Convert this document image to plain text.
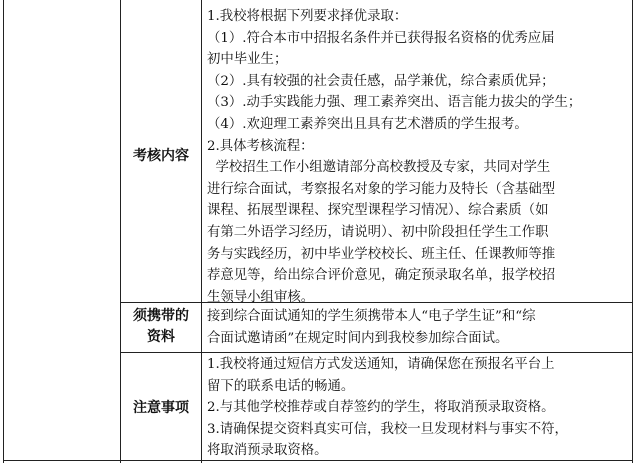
考核内容
1.我校将根据下列要求择优录取：
（1）.符合本市中招报名条件并已获得报名资格的优秀应届
初中毕业生；
（2）.具有较强的社会责任感，品学兼优，综合素质优异；
（3）.动手实践能力强、理工素养突出、语言能力拔尖的学生；
（4）.欢迎理工素养突出且具有艺术潜质的学生报考。
2.具体考核流程：
学校招生工作小组邀请部分高校教授及专家，共同对学生
进行综合面试，考察报名对象的学习能力及特长（含基础型
课程、拓展型课程、探究型课程学习情况）、综合素质（如
有第二外语学习经历，请说明）、初中阶段担任学生工作职
务与实践经历，初中毕业学校校长、班主任、任课教师等推
荐意见等，给出综合评价意见，确定预录取名单，报学校招
生领导小组审核。
须携带的
资料
接到综合面试通知的学生须携带本人“电子学生证”和“综
合面试邀请函”在规定时间内到我校参加综合面试。
注意事项
1.我校将通过短信方式发送通知，请确保您在预报名平台上
留下的联系电话的畅通。
2.与其他学校推荐或自荐签约的学生，将取消预录取资格。
3.请确保提交资料真实可信，我校一旦发现材料与事实不符，
将取消预录取资格。
